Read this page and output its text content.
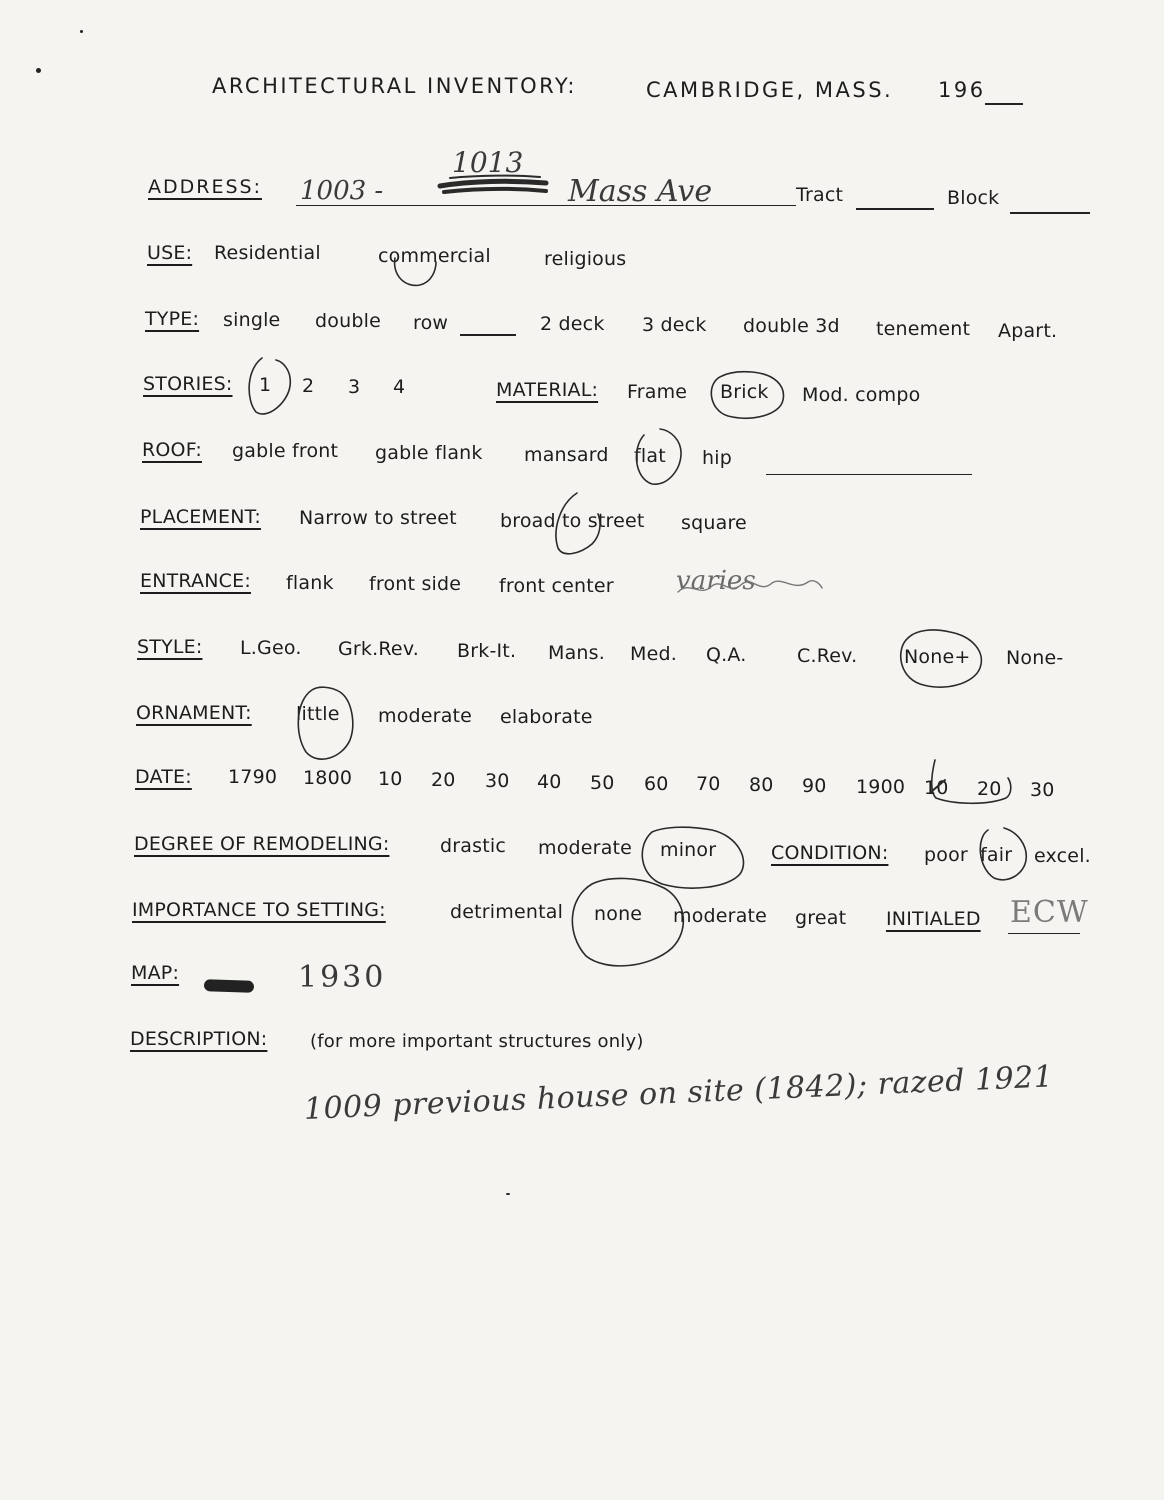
ARCHITECTURAL INVENTORY:	CAMBRIDGE, MASS. 196
ADDRESS: 1003 -
1013
Mass Ave	Tract	Block
USE: Residential	commercial	religious
TYPE: single double row	2 deck 3 deck double 3d tenement Apart.
STORIES: 1 2 3 4	MATERIAL: Frame Brick Mod. compo
ROOF: gable front gable flank mansard flat hip
PLACEMENT: Narrow to street broad to street square
ENTRANCE: flank front side front center varies
STYLE: L.Geo. Grk.Rev. Brk-It. Mans. Med. Q.A.	C.Rev. None+ None-
ORNAMENT: little moderate elaborate
DATE: 1790 1800 10 20 30 40 50 60 70 80 90 1900 10 20 30
DEGREE OF REMODELING:	drastic moderate minor	CONDITION: poor fair excel.
IMPORTANCE TO SETTING:	detrimental none moderate great INITIALED ECW
MAP:	1930
DESCRIPTION: (for more important structures only)
1009 previous house on site (1842); razed 1921
